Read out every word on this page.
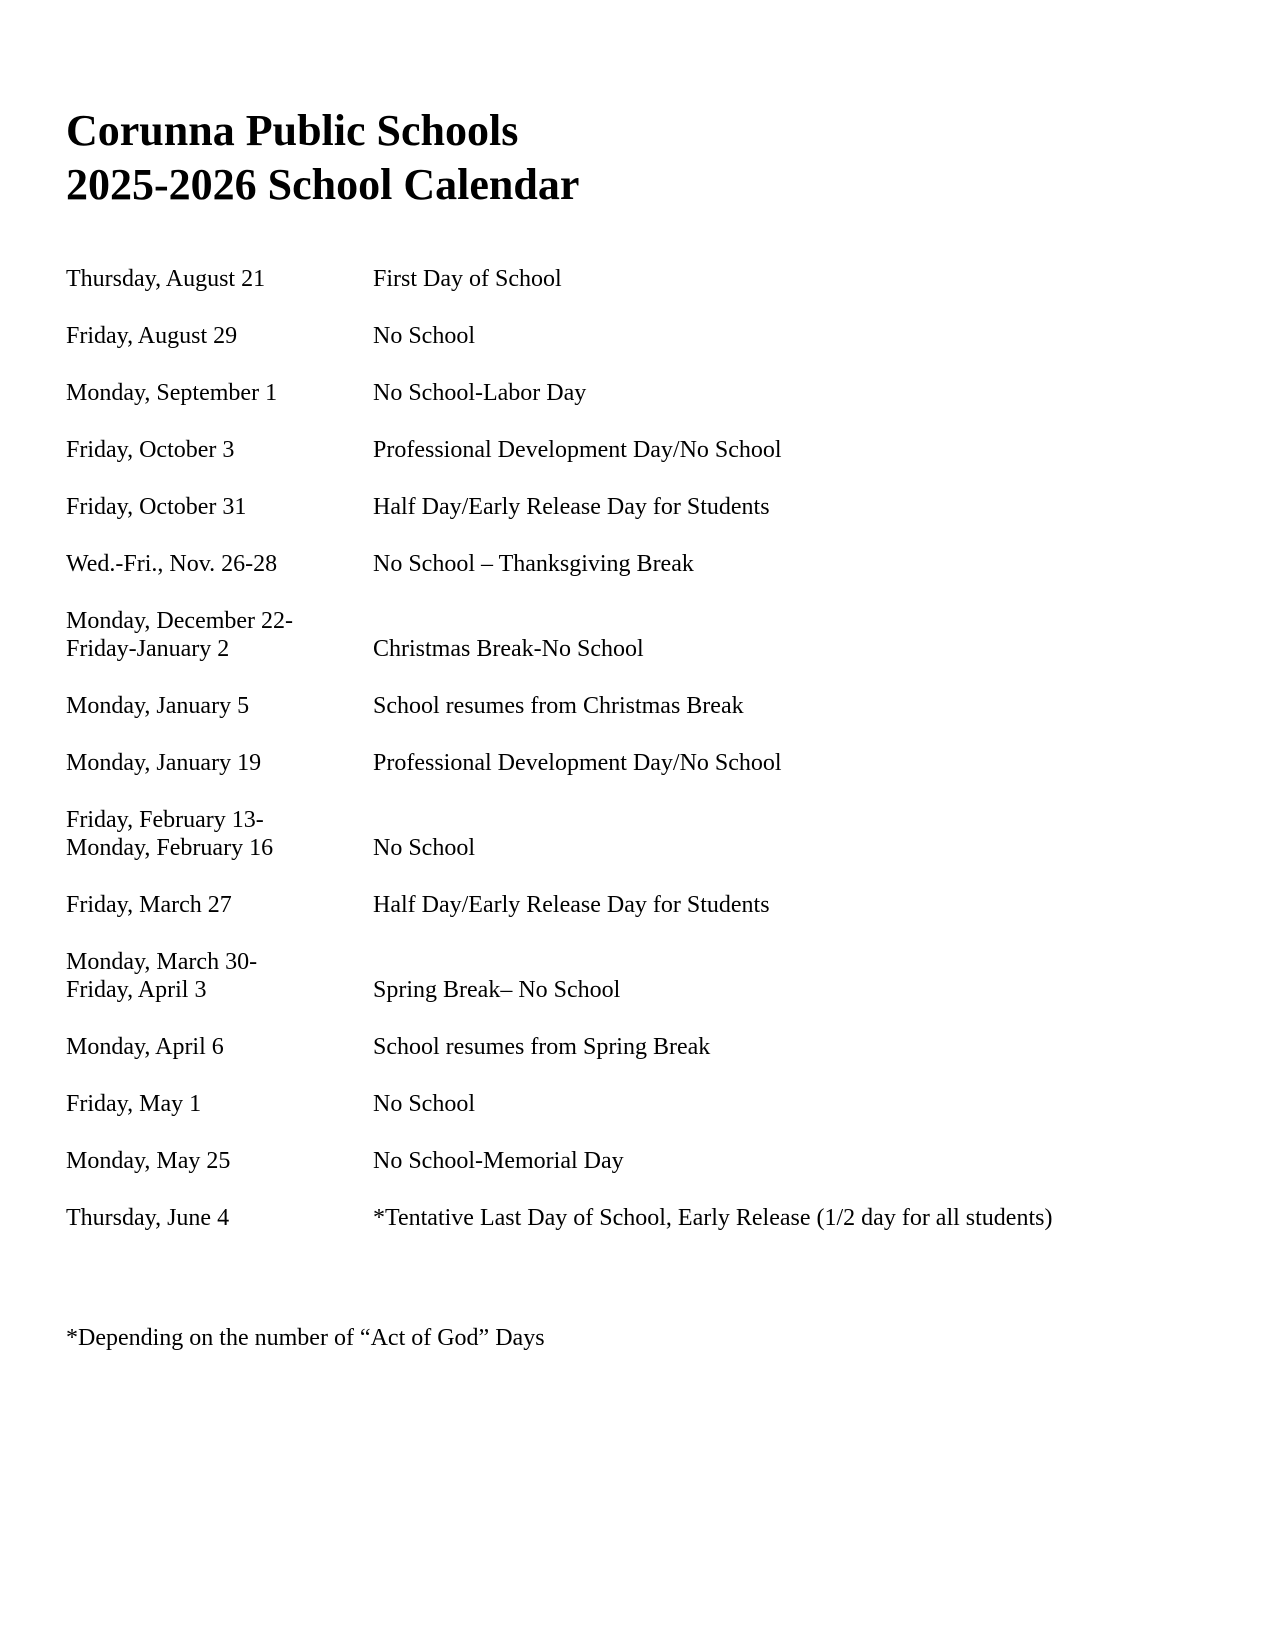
Corunna Public Schools
2025-2026 School Calendar
Thursday, August 21	First Day of School
Friday, August 29	No School
Monday, September 1	No School-Labor Day
Friday, October 3	Professional Development Day/No School
Friday, October 31	Half Day/Early Release Day for Students
Wed.-Fri., Nov. 26-28	No School – Thanksgiving Break
Monday, December 22-
Friday-January 2	Christmas Break-No School
Monday, January 5	School resumes from Christmas Break
Monday, January 19	Professional Development Day/No School
Friday, February 13-
Monday, February 16	No School
Friday, March 27	Half Day/Early Release Day for Students
Monday, March 30-
Friday, April 3	Spring Break– No School
Monday, April 6	School resumes from Spring Break
Friday, May 1	No School
Monday, May 25	No School-Memorial Day
Thursday, June 4	*Tentative Last Day of School, Early Release (1/2 day for all students)
*Depending on the number of “Act of God” Days
